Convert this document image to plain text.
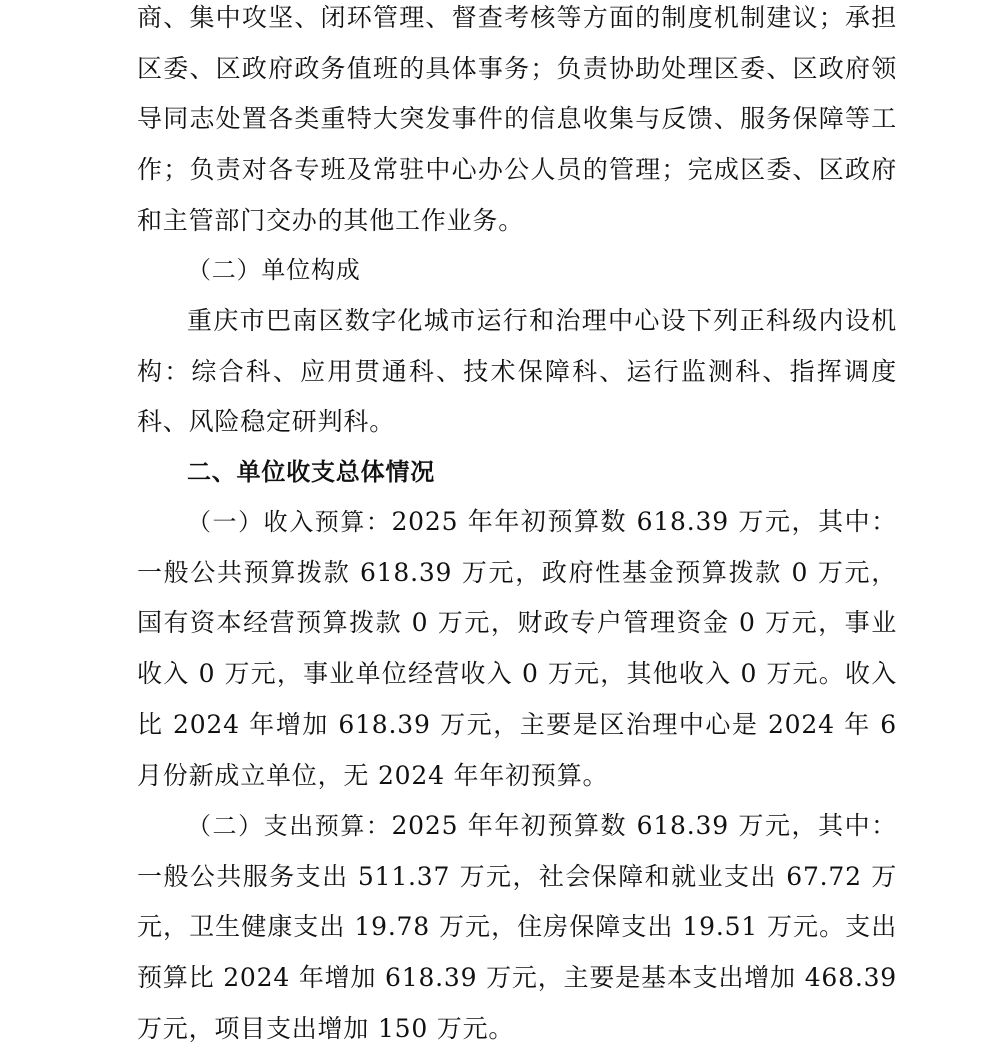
商、集中攻坚、闭环管理、督查考核等方面的制度机制建议；承担区委、区政府政务值班的具体事务；负责协助处理区委、区政府领导同志处置各类重特大突发事件的信息收集与反馈、服务保障等工作；负责对各专班及常驻中心办公人员的管理；完成区委、区政府和主管部门交办的其他工作业务。

（二）单位构成

重庆市巴南区数字化城市运行和治理中心设下列正科级内设机构：综合科、应用贯通科、技术保障科、运行监测科、指挥调度科、风险稳定研判科。

二、单位收支总体情况

（一）收入预算：2025 年年初预算数 618.39 万元，其中：一般公共预算拨款 618.39 万元，政府性基金预算拨款 0 万元，国有资本经营预算拨款 0 万元，财政专户管理资金 0 万元，事业收入 0 万元，事业单位经营收入 0 万元，其他收入 0 万元。收入比 2024 年增加 618.39 万元，主要是区治理中心是 2024 年 6 月份新成立单位，无 2024 年年初预算。

（二）支出预算：2025 年年初预算数 618.39 万元，其中：一般公共服务支出 511.37 万元，社会保障和就业支出 67.72 万元，卫生健康支出 19.78 万元，住房保障支出 19.51 万元。支出预算比 2024 年增加 618.39 万元，主要是基本支出增加 468.39 万元，项目支出增加 150 万元。
